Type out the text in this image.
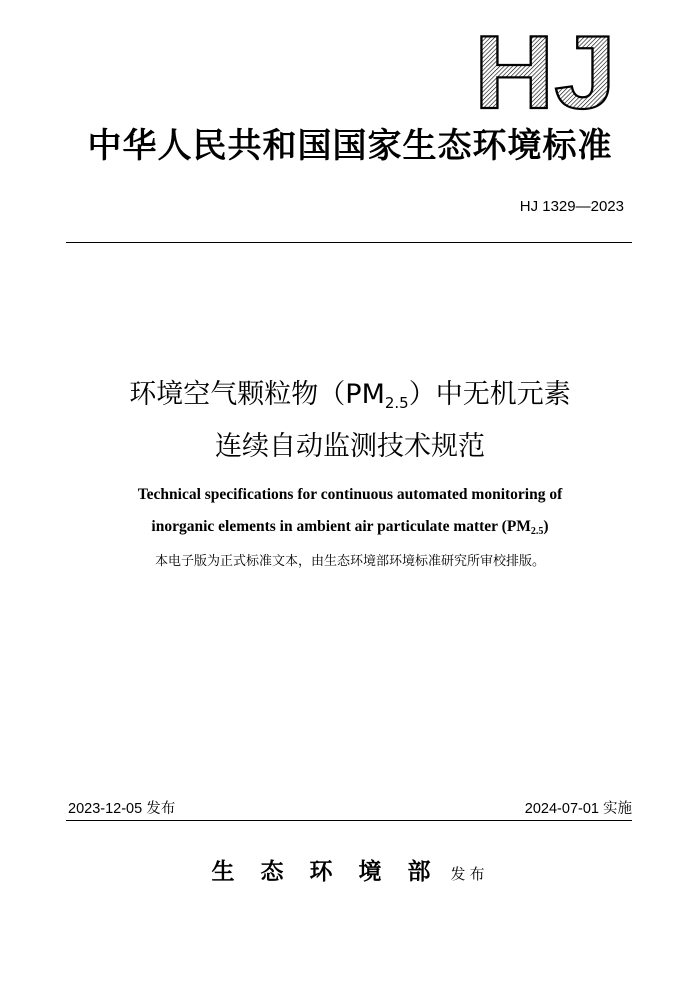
HJ
中华人民共和国国家生态环境标准
HJ 1329—2023
环境空气颗粒物（PM2.5）中无机元素
连续自动监测技术规范
Technical specifications for continuous automated monitoring of
inorganic elements in ambient air particulate matter (PM2.5)
本电子版为正式标准文本，由生态环境部环境标准研究所审校排版。
2023-12-05 发布	2024-07-01 实施
生态环境部发布
